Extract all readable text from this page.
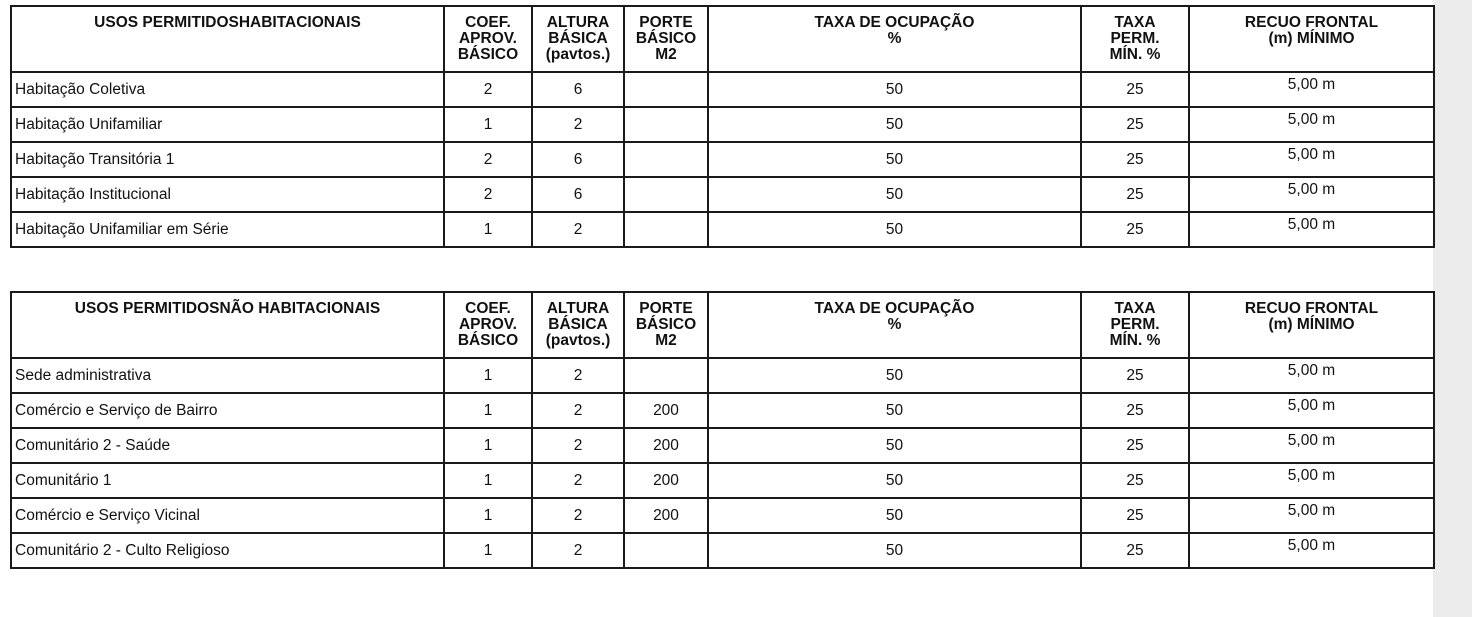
USOS PERMITIDOSHABITACIONAIS	COEF.
APROV.
BÁSICO	ALTURA
BÁSICA
(pavtos.)	PORTE
BÁSICO
M2	TAXA DE OCUPAÇÃO
%	TAXA
PERM.
MÍN. %	RECUO FRONTAL
(m) MÍNIMO

Habitação Coletiva	2	6		50	25	5,00 m
Habitação Unifamiliar	1	2		50	25	5,00 m
Habitação Transitória 1	2	6		50	25	5,00 m
Habitação Institucional	2	6		50	25	5,00 m
Habitação Unifamiliar em Série	1	2		50	25	5,00 m
USOS PERMITIDOSNÃO HABITACIONAIS	COEF.
APROV.
BÁSICO	ALTURA
BÁSICA
(pavtos.)	PORTE
BÁSICO
M2	TAXA DE OCUPAÇÃO
%	TAXA
PERM.
MÍN. %	RECUO FRONTAL
(m) MÍNIMO

Sede administrativa	1	2		50	25	5,00 m
Comércio e Serviço de Bairro	1	2	200	50	25	5,00 m
Comunitário 2 - Saúde	1	2	200	50	25	5,00 m
Comunitário 1	1	2	200	50	25	5,00 m
Comércio e Serviço Vicinal	1	2	200	50	25	5,00 m
Comunitário 2 - Culto Religioso	1	2		50	25	5,00 m
